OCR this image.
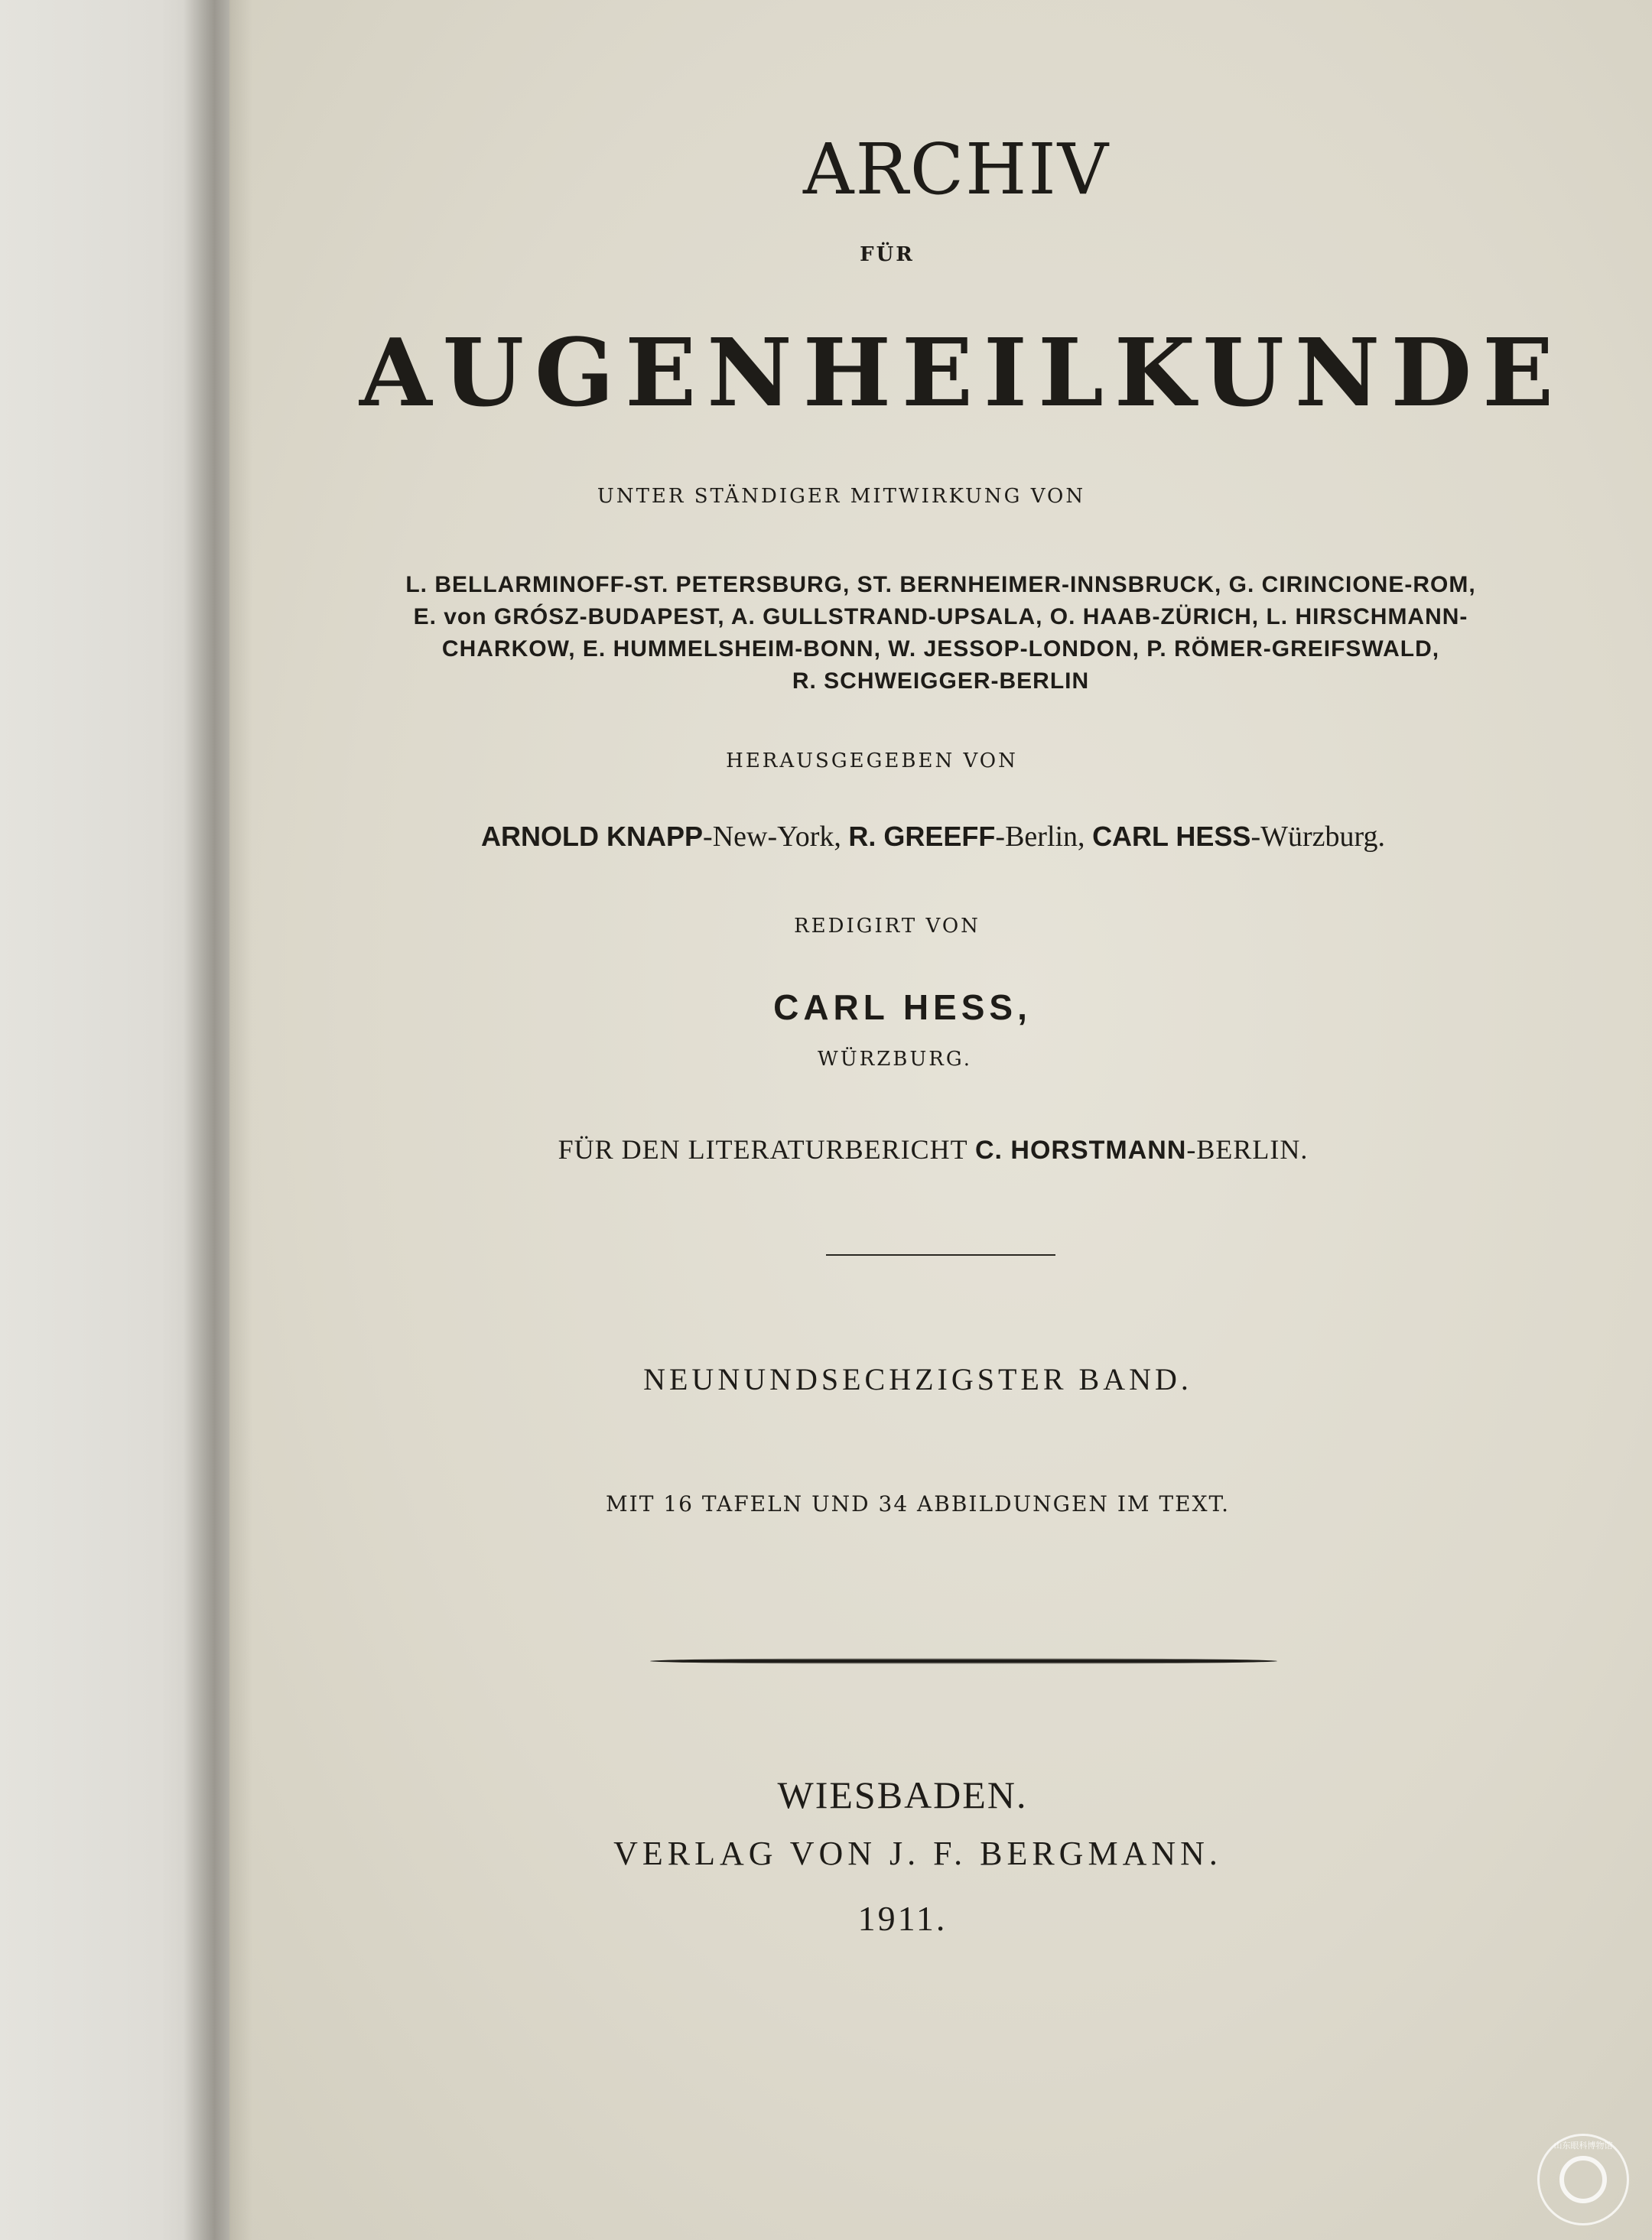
ARCHIV
FÜR
AUGENHEILKUNDE
UNTER STÄNDIGER MITWIRKUNG VON
L. BELLARMINOFF-ST. PETERSBURG, ST. BERNHEIMER-INNSBRUCK, G. CIRINCIONE-ROM,
E. von GRÓSZ-BUDAPEST, A. GULLSTRAND-UPSALA, O. HAAB-ZÜRICH, L. HIRSCHMANN-
CHARKOW, E. HUMMELSHEIM-BONN, W. JESSOP-LONDON, P. RÖMER-GREIFSWALD,
R. SCHWEIGGER-BERLIN
HERAUSGEGEBEN VON
ARNOLD KNAPP-New-York, R. GREEFF-Berlin, CARL HESS-Würzburg.
REDIGIRT VON
CARL HESS,
WÜRZBURG.
FÜR DEN LITERATURBERICHT C. HORSTMANN-BERLIN.
NEUNUNDSECHZIGSTER BAND.
MIT 16 TAFELN UND 34 ABBILDUNGEN IM TEXT.
WIESBADEN.
VERLAG VON J. F. BERGMANN.
1911.
山东眼科博物馆
